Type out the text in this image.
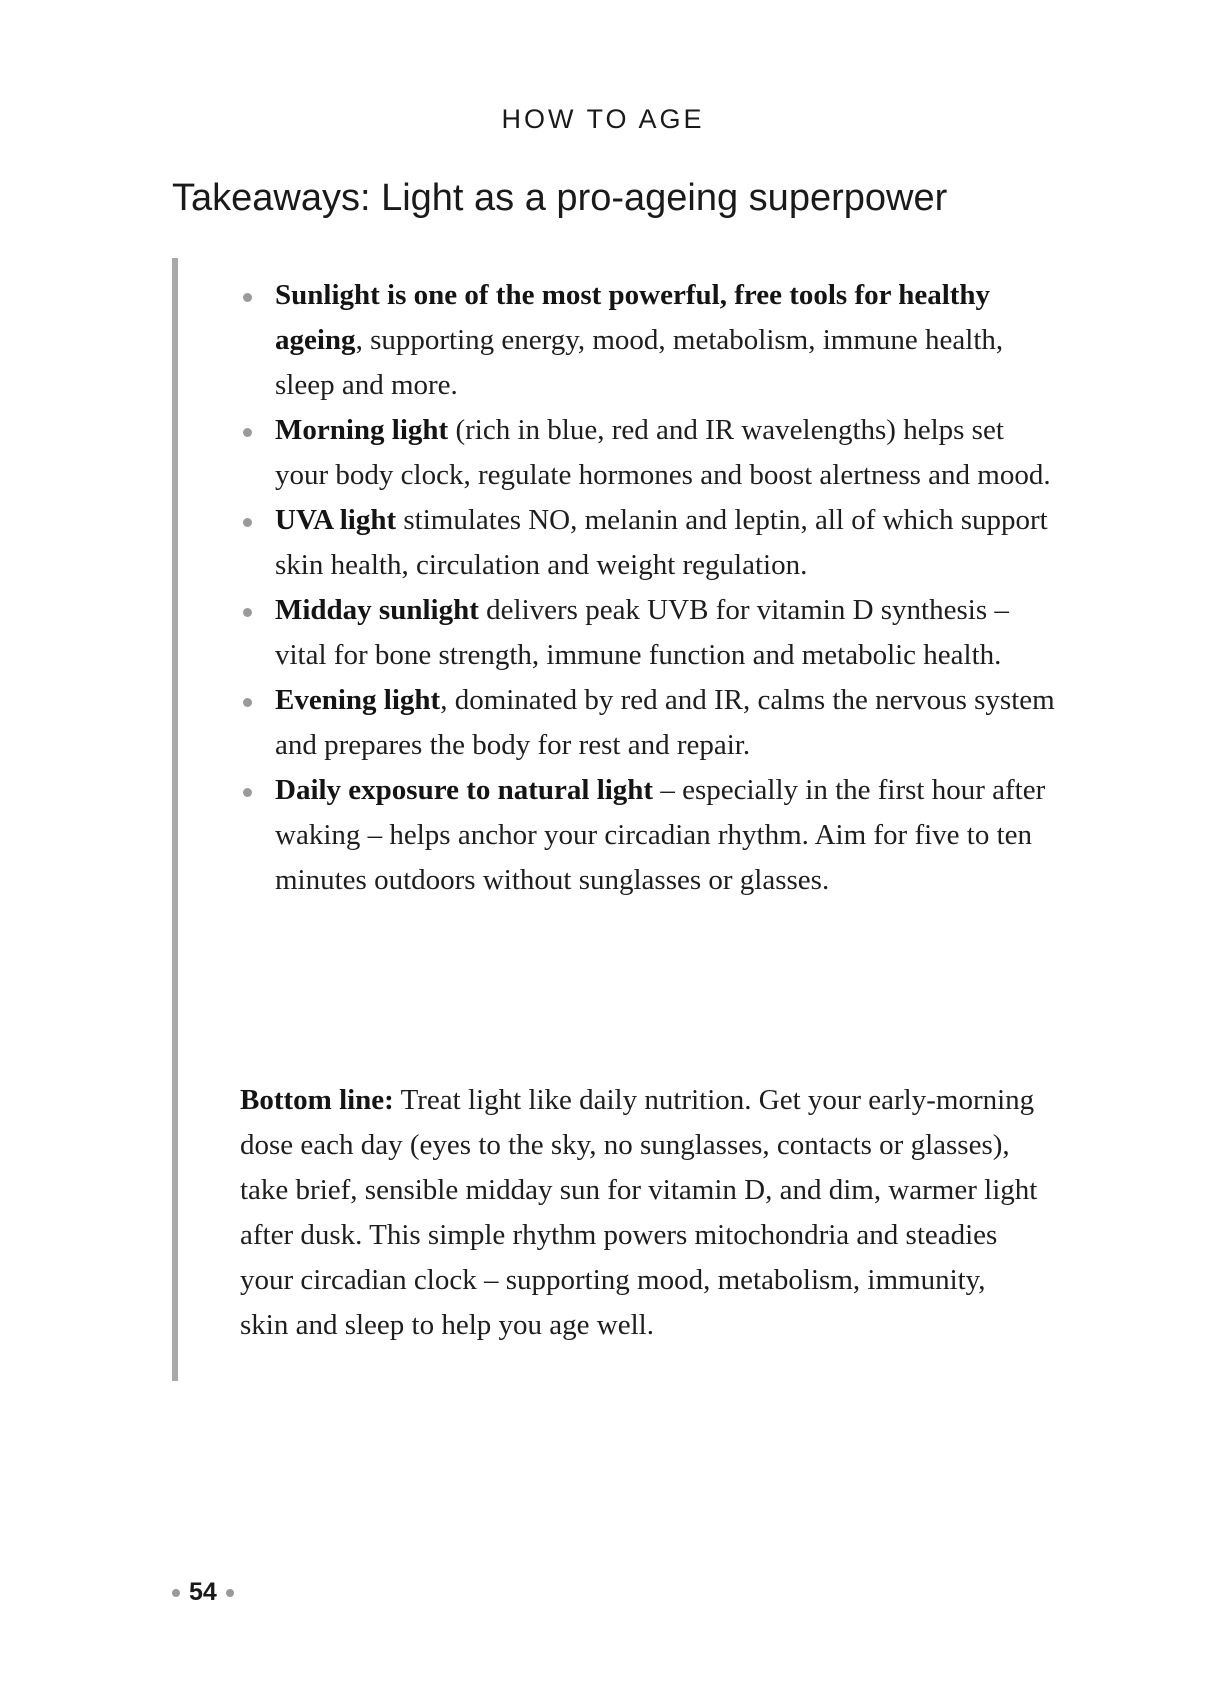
HOW TO AGE
Takeaways: Light as a pro-ageing superpower
Sunlight is one of the most powerful, free tools for healthy ageing, supporting energy, mood, metabolism, immune health, sleep and more.
Morning light (rich in blue, red and IR wavelengths) helps set your body clock, regulate hormones and boost alertness and mood.
UVA light stimulates NO, melanin and leptin, all of which support skin health, circulation and weight regulation.
Midday sunlight delivers peak UVB for vitamin D synthesis – vital for bone strength, immune function and metabolic health.
Evening light, dominated by red and IR, calms the nervous system and prepares the body for rest and repair.
Daily exposure to natural light – especially in the first hour after waking – helps anchor your circadian rhythm. Aim for five to ten minutes outdoors without sunglasses or glasses.

Bottom line: Treat light like daily nutrition. Get your early-morning dose each day (eyes to the sky, no sunglasses, contacts or glasses), take brief, sensible midday sun for vitamin D, and dim, warmer light after dusk. This simple rhythm powers mitochondria and steadies your circadian clock – supporting mood, metabolism, immunity, skin and sleep to help you age well.

54
